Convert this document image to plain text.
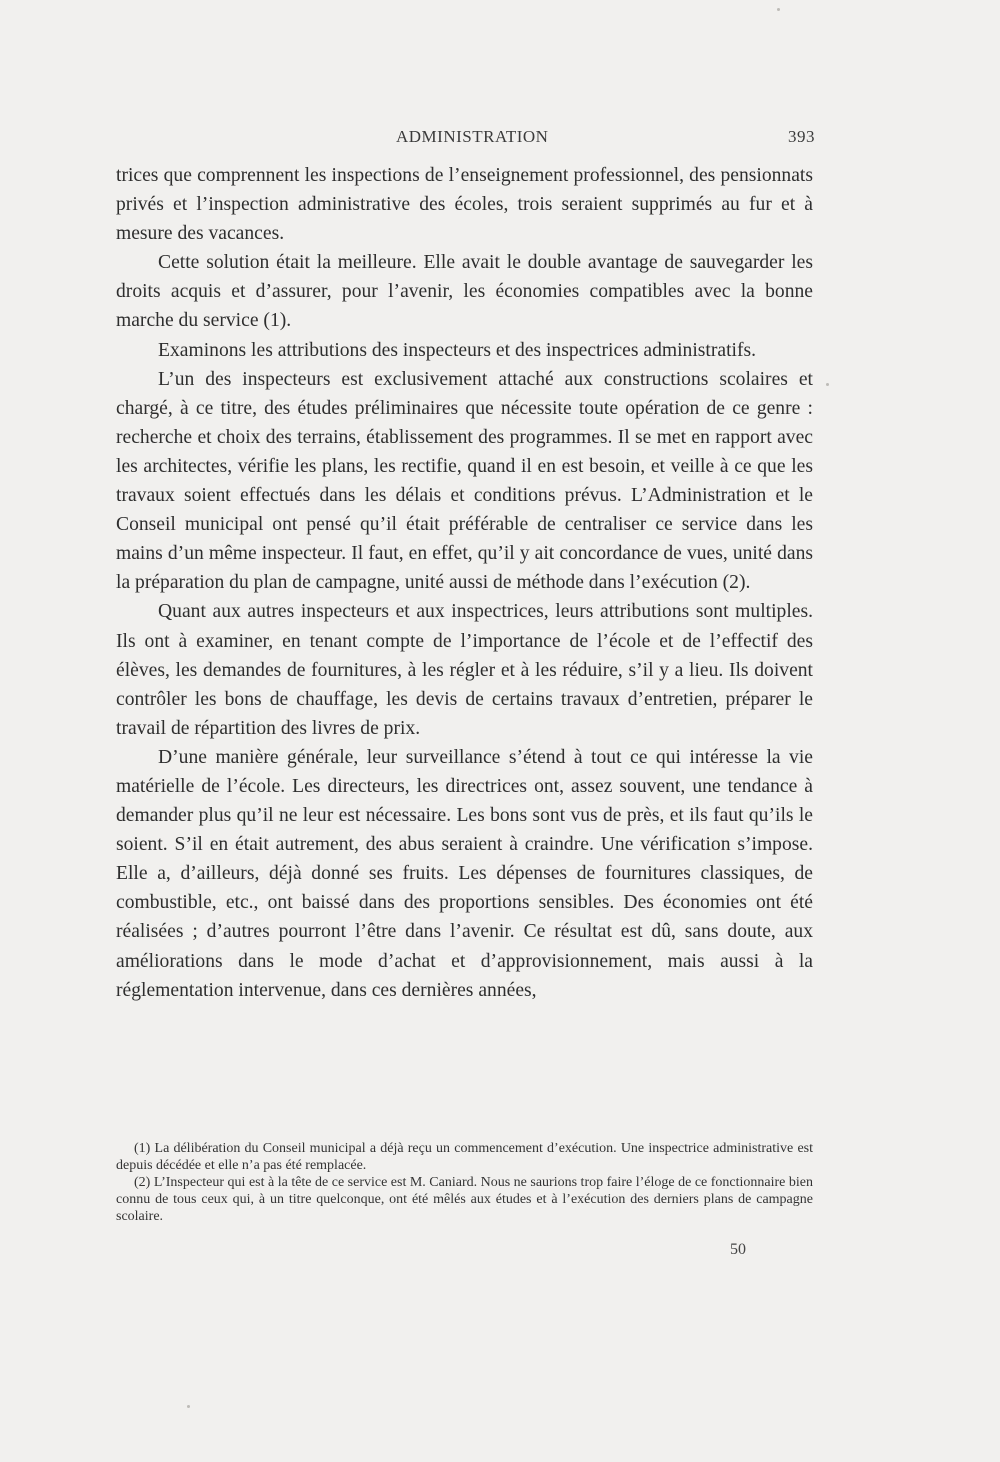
ADMINISTRATION	393

trices que comprennent les inspections de l’enseignement professionnel, des pensionnats privés et l’inspection administrative des écoles, trois seraient supprimés au fur et à mesure des vacances.

Cette solution était la meilleure. Elle avait le double avantage de sauvegarder les droits acquis et d’assurer, pour l’avenir, les économies compatibles avec la bonne marche du service (1).

Examinons les attributions des inspecteurs et des inspectrices administratifs.

L’un des inspecteurs est exclusivement attaché aux constructions scolaires et chargé, à ce titre, des études préliminaires que nécessite toute opération de ce genre : recherche et choix des terrains, établissement des programmes. Il se met en rapport avec les architectes, vérifie les plans, les rectifie, quand il en est besoin, et veille à ce que les travaux soient effectués dans les délais et conditions prévus. L’Administration et le Conseil municipal ont pensé qu’il était préférable de centraliser ce service dans les mains d’un même inspecteur. Il faut, en effet, qu’il y ait concordance de vues, unité dans la préparation du plan de campagne, unité aussi de méthode dans l’exécution (2).

Quant aux autres inspecteurs et aux inspectrices, leurs attributions sont multiples. Ils ont à examiner, en tenant compte de l’importance de l’école et de l’effectif des élèves, les demandes de fournitures, à les régler et à les réduire, s’il y a lieu. Ils doivent contrôler les bons de chauffage, les devis de certains travaux d’entretien, préparer le travail de répartition des livres de prix.

D’une manière générale, leur surveillance s’étend à tout ce qui intéresse la vie matérielle de l’école. Les directeurs, les directrices ont, assez souvent, une tendance à demander plus qu’il ne leur est nécessaire. Les bons sont vus de près, et ils faut qu’ils le soient. S’il en était autrement, des abus seraient à craindre. Une vérification s’impose. Elle a, d’ailleurs, déjà donné ses fruits. Les dépenses de fournitures classiques, de combustible, etc., ont baissé dans des proportions sensibles. Des économies ont été réalisées ; d’autres pourront l’être dans l’avenir. Ce résultat est dû, sans doute, aux améliorations dans le mode d’achat et d’approvisionnement, mais aussi à la réglementation intervenue, dans ces dernières années,

(1) La délibération du Conseil municipal a déjà reçu un commencement d’exécution. Une inspectrice administrative est depuis décédée et elle n’a pas été remplacée.

(2) L’Inspecteur qui est à la tête de ce service est M. Caniard. Nous ne saurions trop faire l’éloge de ce fonctionnaire bien connu de tous ceux qui, à un titre quelconque, ont été mêlés aux études et à l’exécution des derniers plans de campagne scolaire.

50
